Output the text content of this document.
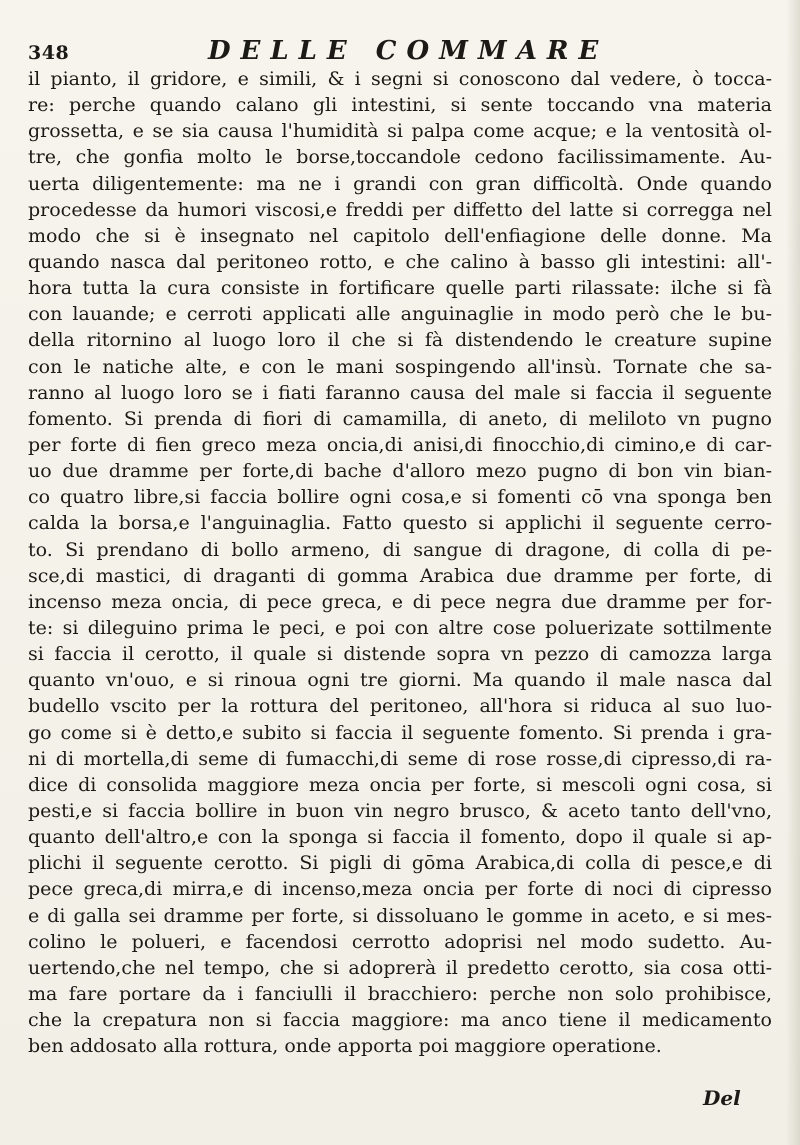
348	DELLE COMMARE
il pianto, il gridore, e simili, & i segni si conoscono dal vedere, ò tocca-
re: perche quando calano gli intestini, si sente toccando vna materia
grossetta, e se sia causa l'humidità si palpa come acque; e la ventosità ol-
tre, che gonfia molto le borse,toccandole cedono facilissimamente. Au-
uerta diligentemente: ma ne i grandi con gran difficoltà. Onde quando
procedesse da humori viscosi,e freddi per diffetto del latte si corregga nel
modo che si è insegnato nel capitolo dell'enfiagione delle donne. Ma
quando nasca dal peritoneo rotto, e che calino à basso gli intestini: all'-
hora tutta la cura consiste in fortificare quelle parti rilassate: ilche si fà
con lauande; e cerroti applicati alle anguinaglie in modo però che le bu-
della ritornino al luogo loro il che si fà distendendo le creature supine
con le natiche alte, e con le mani sospingendo all'insù. Tornate che sa-
ranno al luogo loro se i fiati faranno causa del male si faccia il seguente
fomento. Si prenda di fiori di camamilla, di aneto, di meliloto vn pugno
per forte di fien greco meza oncia,di anisi,di finocchio,di cimino,e di car-
uo due dramme per forte,di bache d'alloro mezo pugno di bon vin bian-
co quatro libre,si faccia bollire ogni cosa,e si fomenti cō vna sponga ben
calda la borsa,e l'anguinaglia. Fatto questo si applichi il seguente cerro-
to. Si prendano di bollo armeno, di sangue di dragone, di colla di pe-
sce,di mastici, di draganti di gomma Arabica due dramme per forte, di
incenso meza oncia, di pece greca, e di pece negra due dramme per for-
te: si dileguino prima le peci, e poi con altre cose poluerizate sottilmente
si faccia il cerotto, il quale si distende sopra vn pezzo di camozza larga
quanto vn'ouo, e si rinoua ogni tre giorni. Ma quando il male nasca dal
budello vscito per la rottura del peritoneo, all'hora si riduca al suo luo-
go come si è detto,e subito si faccia il seguente fomento. Si prenda i gra-
ni di mortella,di seme di fumacchi,di seme di rose rosse,di cipresso,di ra-
dice di consolida maggiore meza oncia per forte, si mescoli ogni cosa, si
pesti,e si faccia bollire in buon vin negro brusco, & aceto tanto dell'vno,
quanto dell'altro,e con la sponga si faccia il fomento, dopo il quale si ap-
plichi il seguente cerotto. Si pigli di gōma Arabica,di colla di pesce,e di
pece greca,di mirra,e di incenso,meza oncia per forte di noci di cipresso
e di galla sei dramme per forte, si dissoluano le gomme in aceto, e si mes-
colino le polueri, e facendosi cerrotto adoprisi nel modo sudetto. Au-
uertendo,che nel tempo, che si adoprerà il predetto cerotto, sia cosa otti-
ma fare portare da i fanciulli il bracchiero: perche non solo prohibisce,
che la crepatura non si faccia maggiore: ma anco tiene il medicamento
ben addosato alla rottura, onde apporta poi maggiore operatione.
Del
